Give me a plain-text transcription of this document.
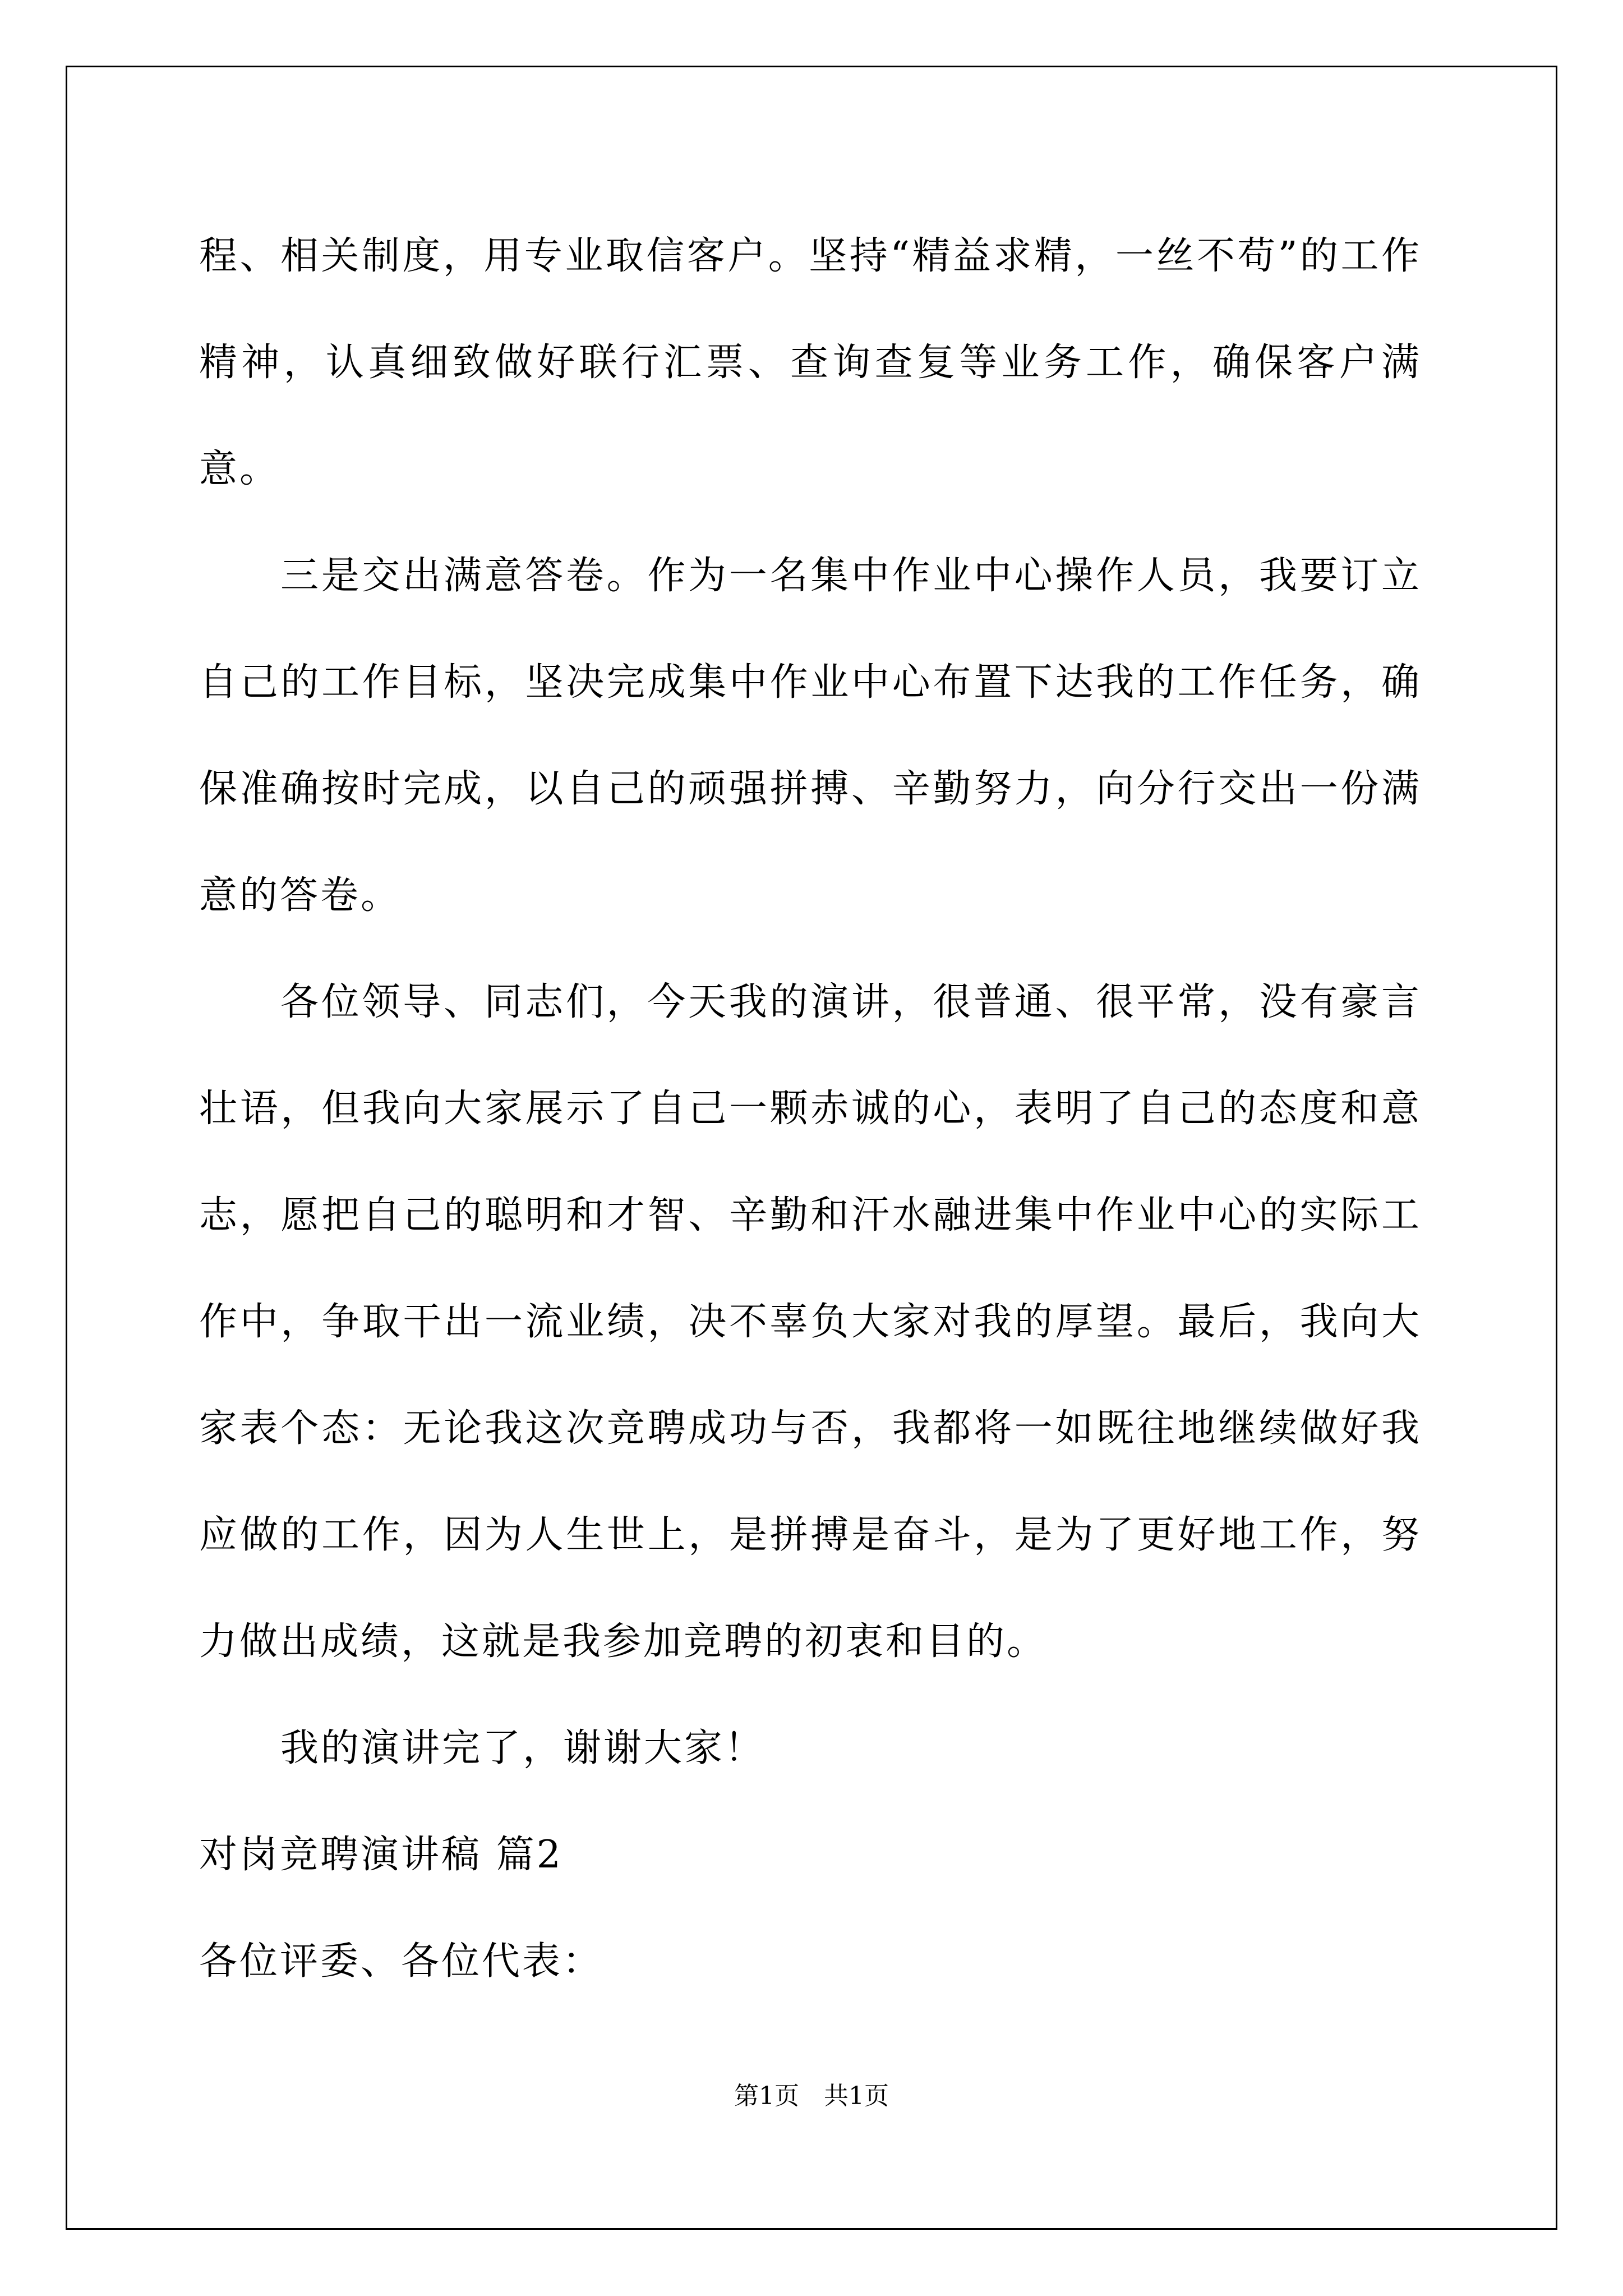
程、相关制度，用专业取信客户。坚持“精益求精，一丝不苟”的工作精神，认真细致做好联行汇票、查询查复等业务工作，确保客户满意。

三是交出满意答卷。作为一名集中作业中心操作人员，我要订立自己的工作目标，坚决完成集中作业中心布置下达我的工作任务，确保准确按时完成，以自己的顽强拼搏、辛勤努力，向分行交出一份满意的答卷。

各位领导、同志们，今天我的演讲，很普通、很平常，没有豪言壮语，但我向大家展示了自己一颗赤诚的心，表明了自己的态度和意志，愿把自己的聪明和才智、辛勤和汗水融进集中作业中心的实际工作中，争取干出一流业绩，决不辜负大家对我的厚望。最后，我向大家表个态：无论我这次竞聘成功与否，我都将一如既往地继续做好我应做的工作，因为人生世上，是拼搏是奋斗，是为了更好地工作，努力做出成绩，这就是我参加竞聘的初衷和目的。

我的演讲完了，谢谢大家！

对岗竞聘演讲稿 篇2

各位评委、各位代表：

第1页　共1页
